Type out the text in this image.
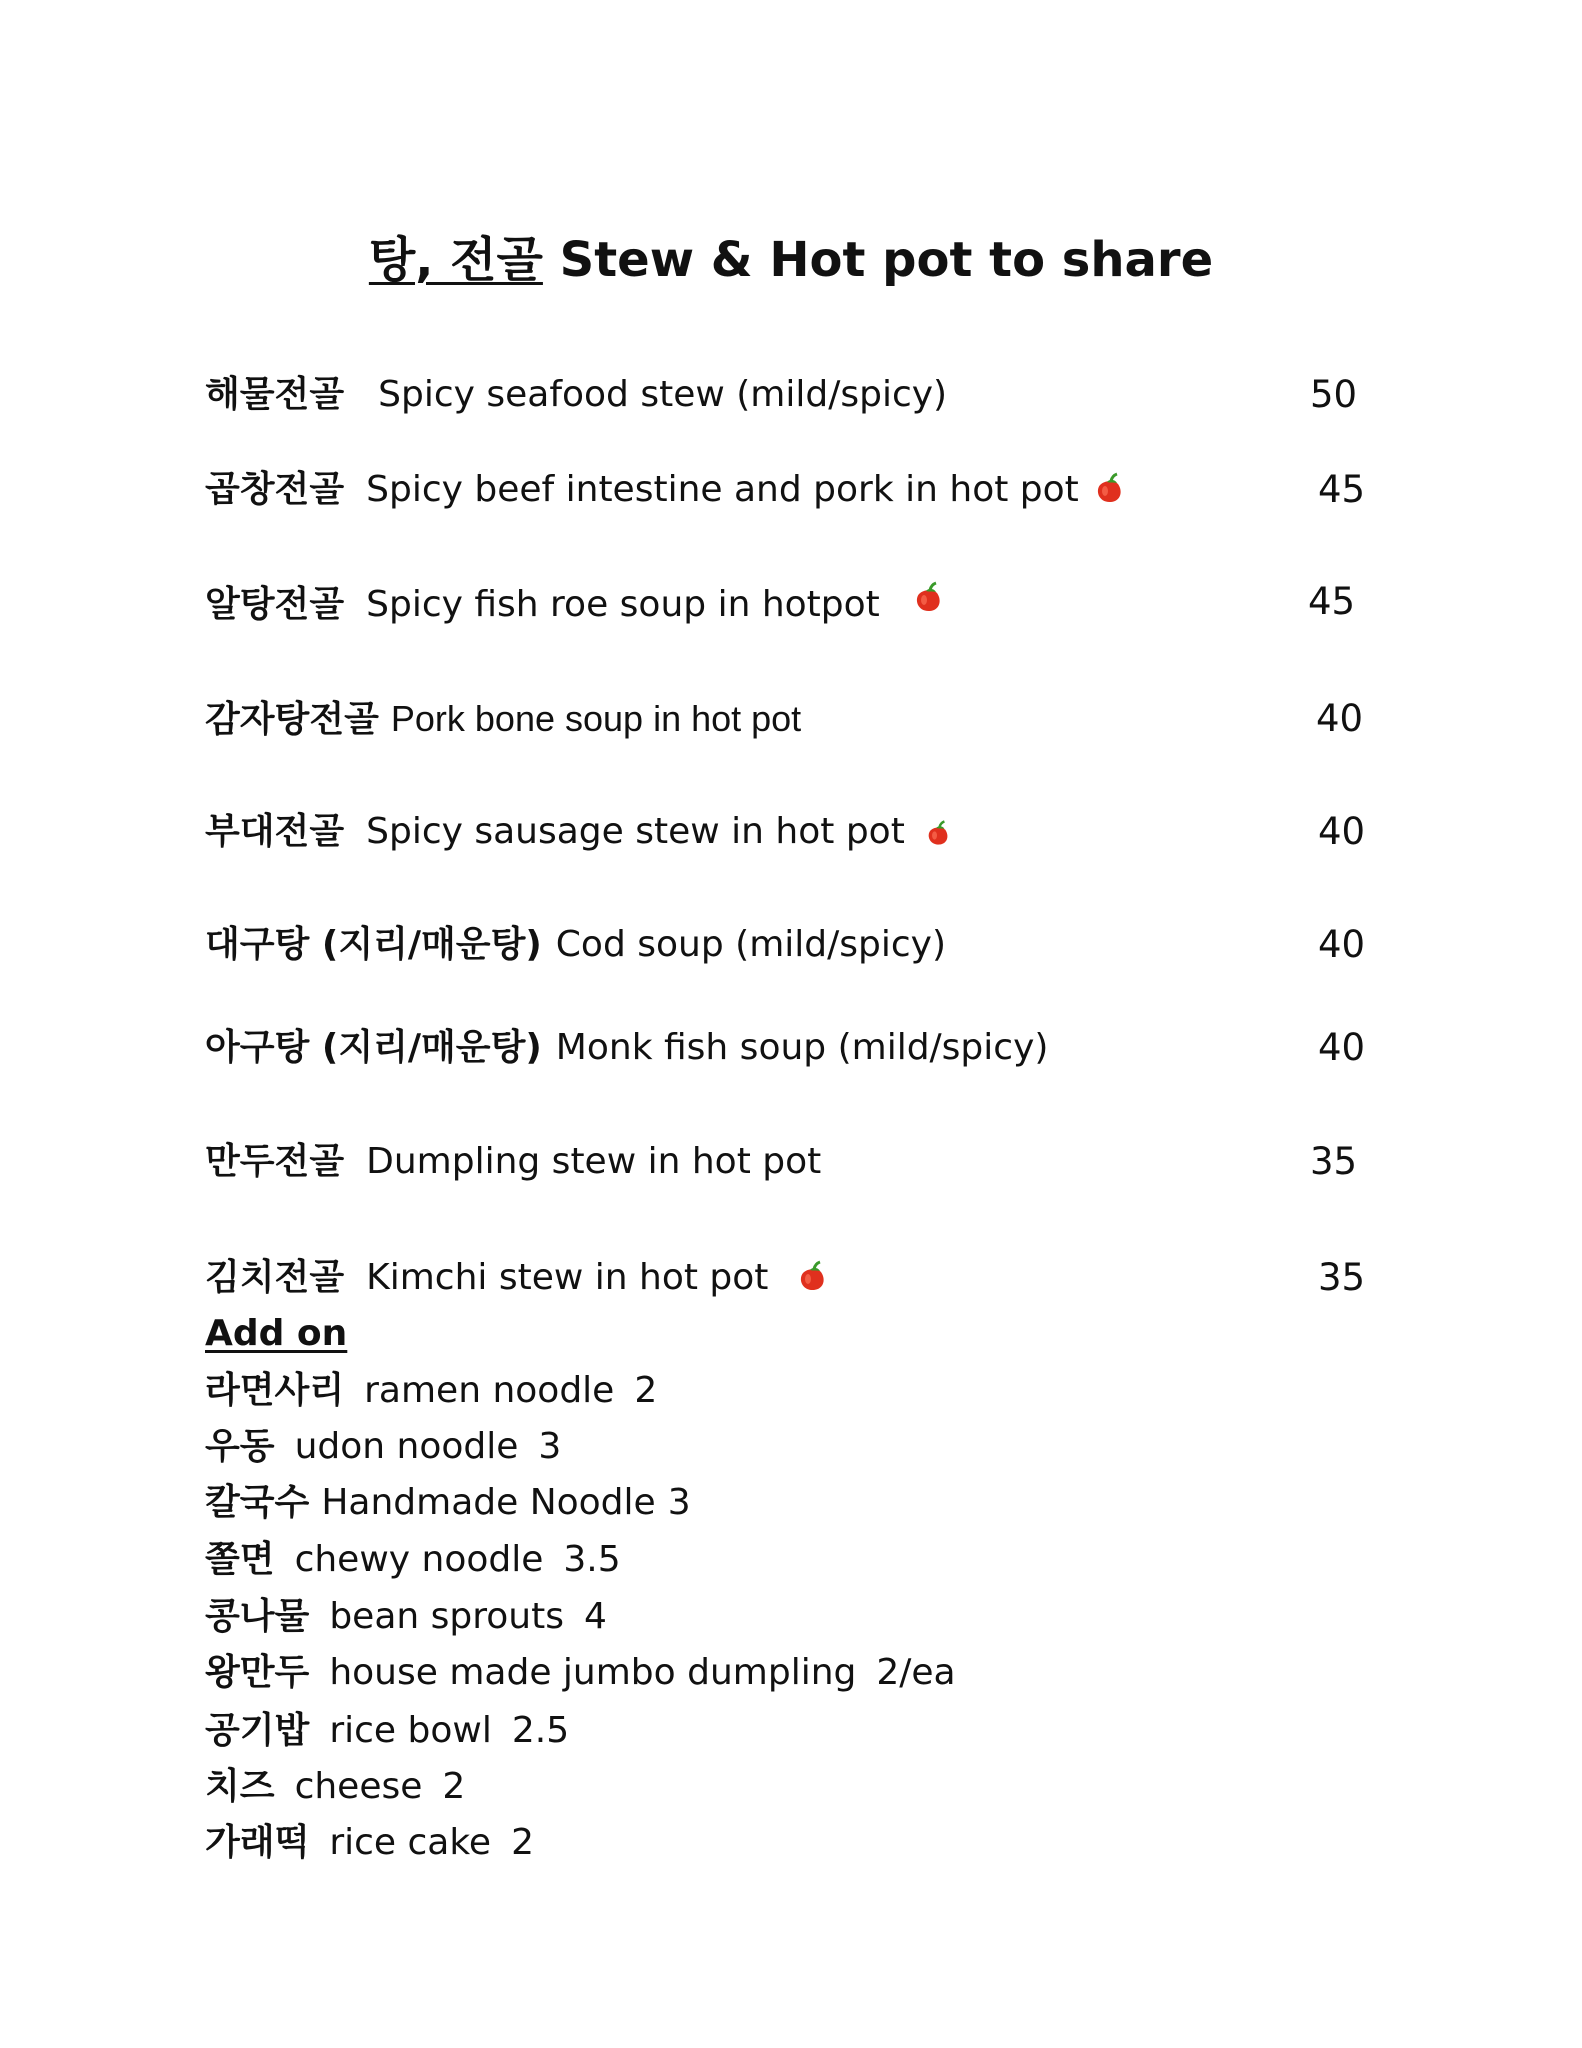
탕, 전골 Stew & Hot pot to share
해물전골 Spicy seafood stew (mild/spicy)	50
곱창전골 Spicy beef intestine and pork in hot pot	45
알탕전골 Spicy fish roe soup in hotpot	45
감자탕전골 Pork bone soup in hot pot	40
부대전골 Spicy sausage stew in hot pot	40
대구탕 (지리/매운탕) Cod soup (mild/spicy)	40
아구탕 (지리/매운탕) Monk fish soup (mild/spicy)	40
만두전골 Dumpling stew in hot pot	35
김치전골 Kimchi stew in hot pot	35
Add on
라면사리 ramen noodle 2
우동 udon noodle 3
칼국수 Handmade Noodle 3
쫄면 chewy noodle 3.5
콩나물 bean sprouts 4
왕만두 house made jumbo dumpling 2/ea
공기밥 rice bowl 2.5
치즈 cheese 2
가래떡 rice cake 2
